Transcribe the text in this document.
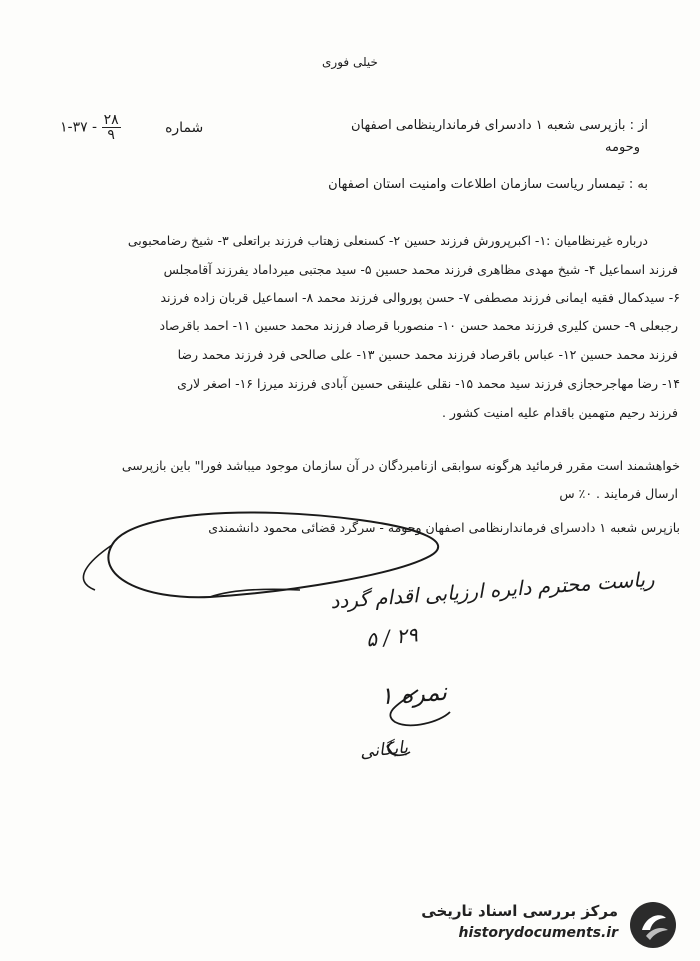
خیلی فوری
۱-۳۷ - $\frac{۲۸}{۹}$	شماره	از : بازپرسی شعبه ۱ دادسرای فرماندارینظامی اصفهان
وحومه
به : تیمسار ریاست سازمان اطلاعات وامنیت استان اصفهان
درباره غیرنظامیان :۱- اکبرپرورش فرزند حسین ۲- کسنعلی زهتاب فرزند براتعلی ۳- شیخ رضامحبوبی
فرزند اسماعیل ۴- شیخ مهدی مظاهری فرزند محمد حسین ۵- سید مجتبی میرداماد یفرزند آقامجلس
۶- سیدکمال فقیه ایمانی فرزند مصطفی ۷- حسن پوروالی فرزند محمد ۸- اسماعیل قربان زاده فرزند
رجبعلی ۹- حسن کلیری فرزند محمد حسن ۱۰- منصوربا قرصاد فرزند محمد حسین ۱۱- احمد باقرصاد
فرزند محمد حسین ۱۲- عباس باقرصاد فرزند محمد حسین ۱۳- علی صالحی فرد فرزند محمد رضا
۱۴- رضا مهاجرحجازی فرزند سید محمد ۱۵- نقلی علینقی حسین آبادی فرزند میرزا ۱۶- اصغر لاری
فرزند رحیم متهمین باقدام علیه امنیت کشور .
خواهشمند است مقرر فرمائید هرگونه سوابقی ازنامبردگان در آن سازمان موجود میباشد فورا" باین بازپرسی
ارسال فرمایند . ۰٪ س
بازپرس شعبه ۱ دادسرای فرماندارنظامی اصفهان وحومه - سرگرد قضائی محمود دانشمندی
ریاست محترم دایره ارزیابی اقدام گردد
۲۹ / ۵
نمره ۱
بایگانی
مرکز بررسی اسناد تاریخی
historydocuments.ir
